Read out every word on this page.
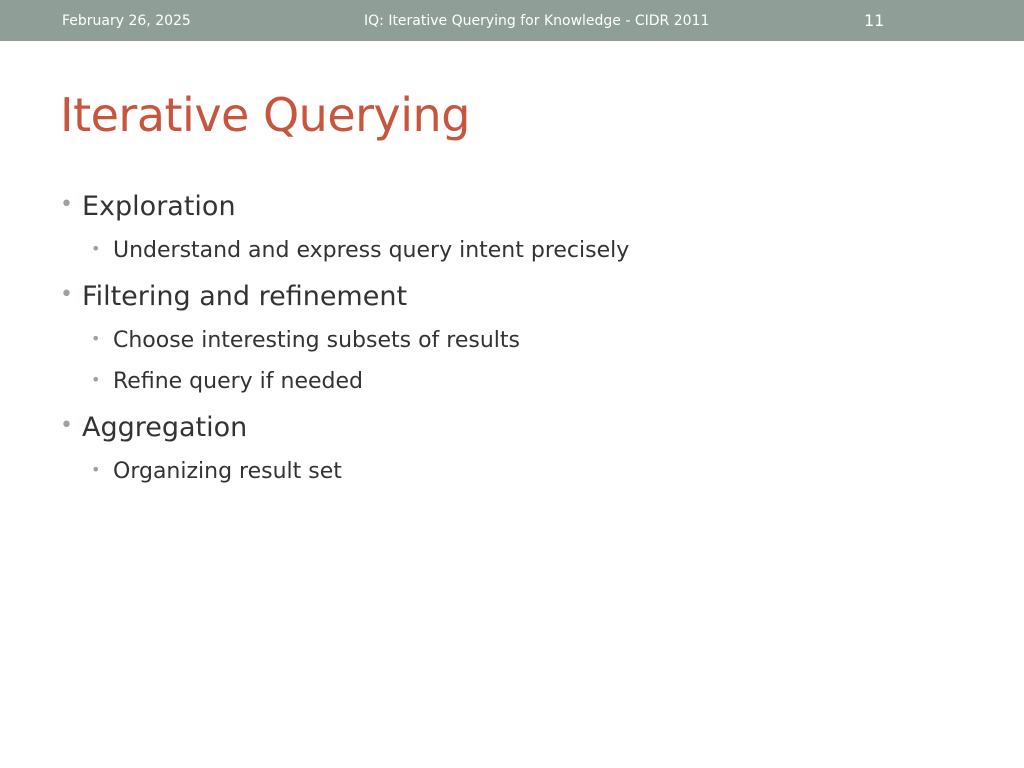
February 26, 2025	IQ: Iterative Querying for Knowledge - CIDR 2011	11
Iterative Querying
• Exploration
• Understand and express query intent precisely
• Filtering and refinement
• Choose interesting subsets of results
• Refine query if needed
• Aggregation
• Organizing result set
